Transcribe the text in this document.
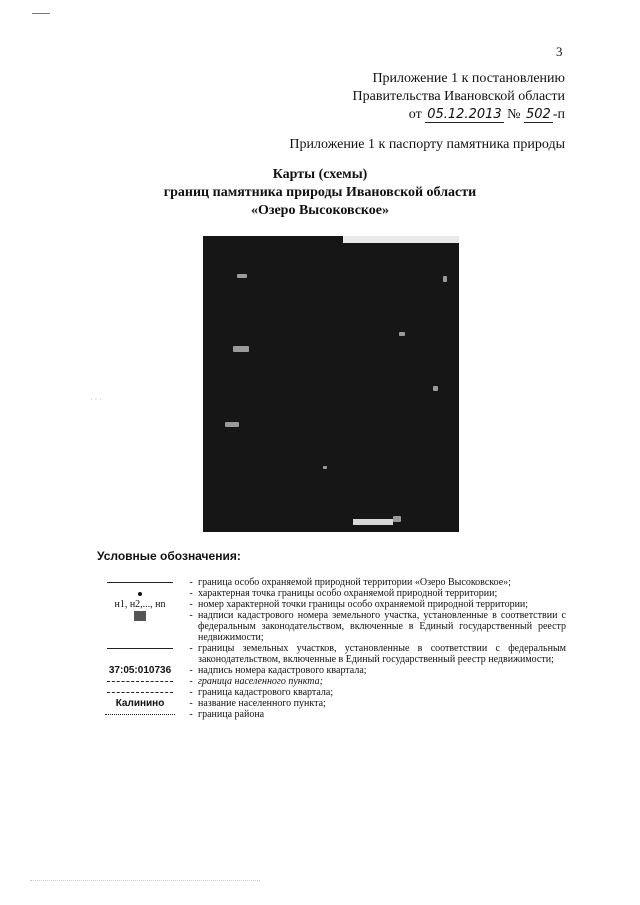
3
Приложение 1 к постановлению
Правительства Ивановской области
от 05.12.2013 № 502 -п
Приложение 1 к паспорту памятника природы
Карты (схемы)
границ памятника природы Ивановской области
«Озеро Высоковское»
· · ·
Условные обозначения:
- граница особо охраняемой природной территории «Озеро Высоковское»;
- характерная точка границы особо охраняемой природной территории;
н1, н2,..., нn	- номер характерной точки границы особо охраняемой природной территории;
- надписи кадастрового номера земельного участка, установленные в соответствии с федеральным законодательством, включенные в Единый государственный реестр недвижимости;
- границы земельных участков, установленные в соответствии с федеральным законодательством, включенные в Единый государственный реестр недвижимости;
37:05:010736	- надпись номера кадастрового квартала;
- граница населенного пункта;
- граница кадастрового квартала;
Калинино	- название населенного пункта;
- граница района
